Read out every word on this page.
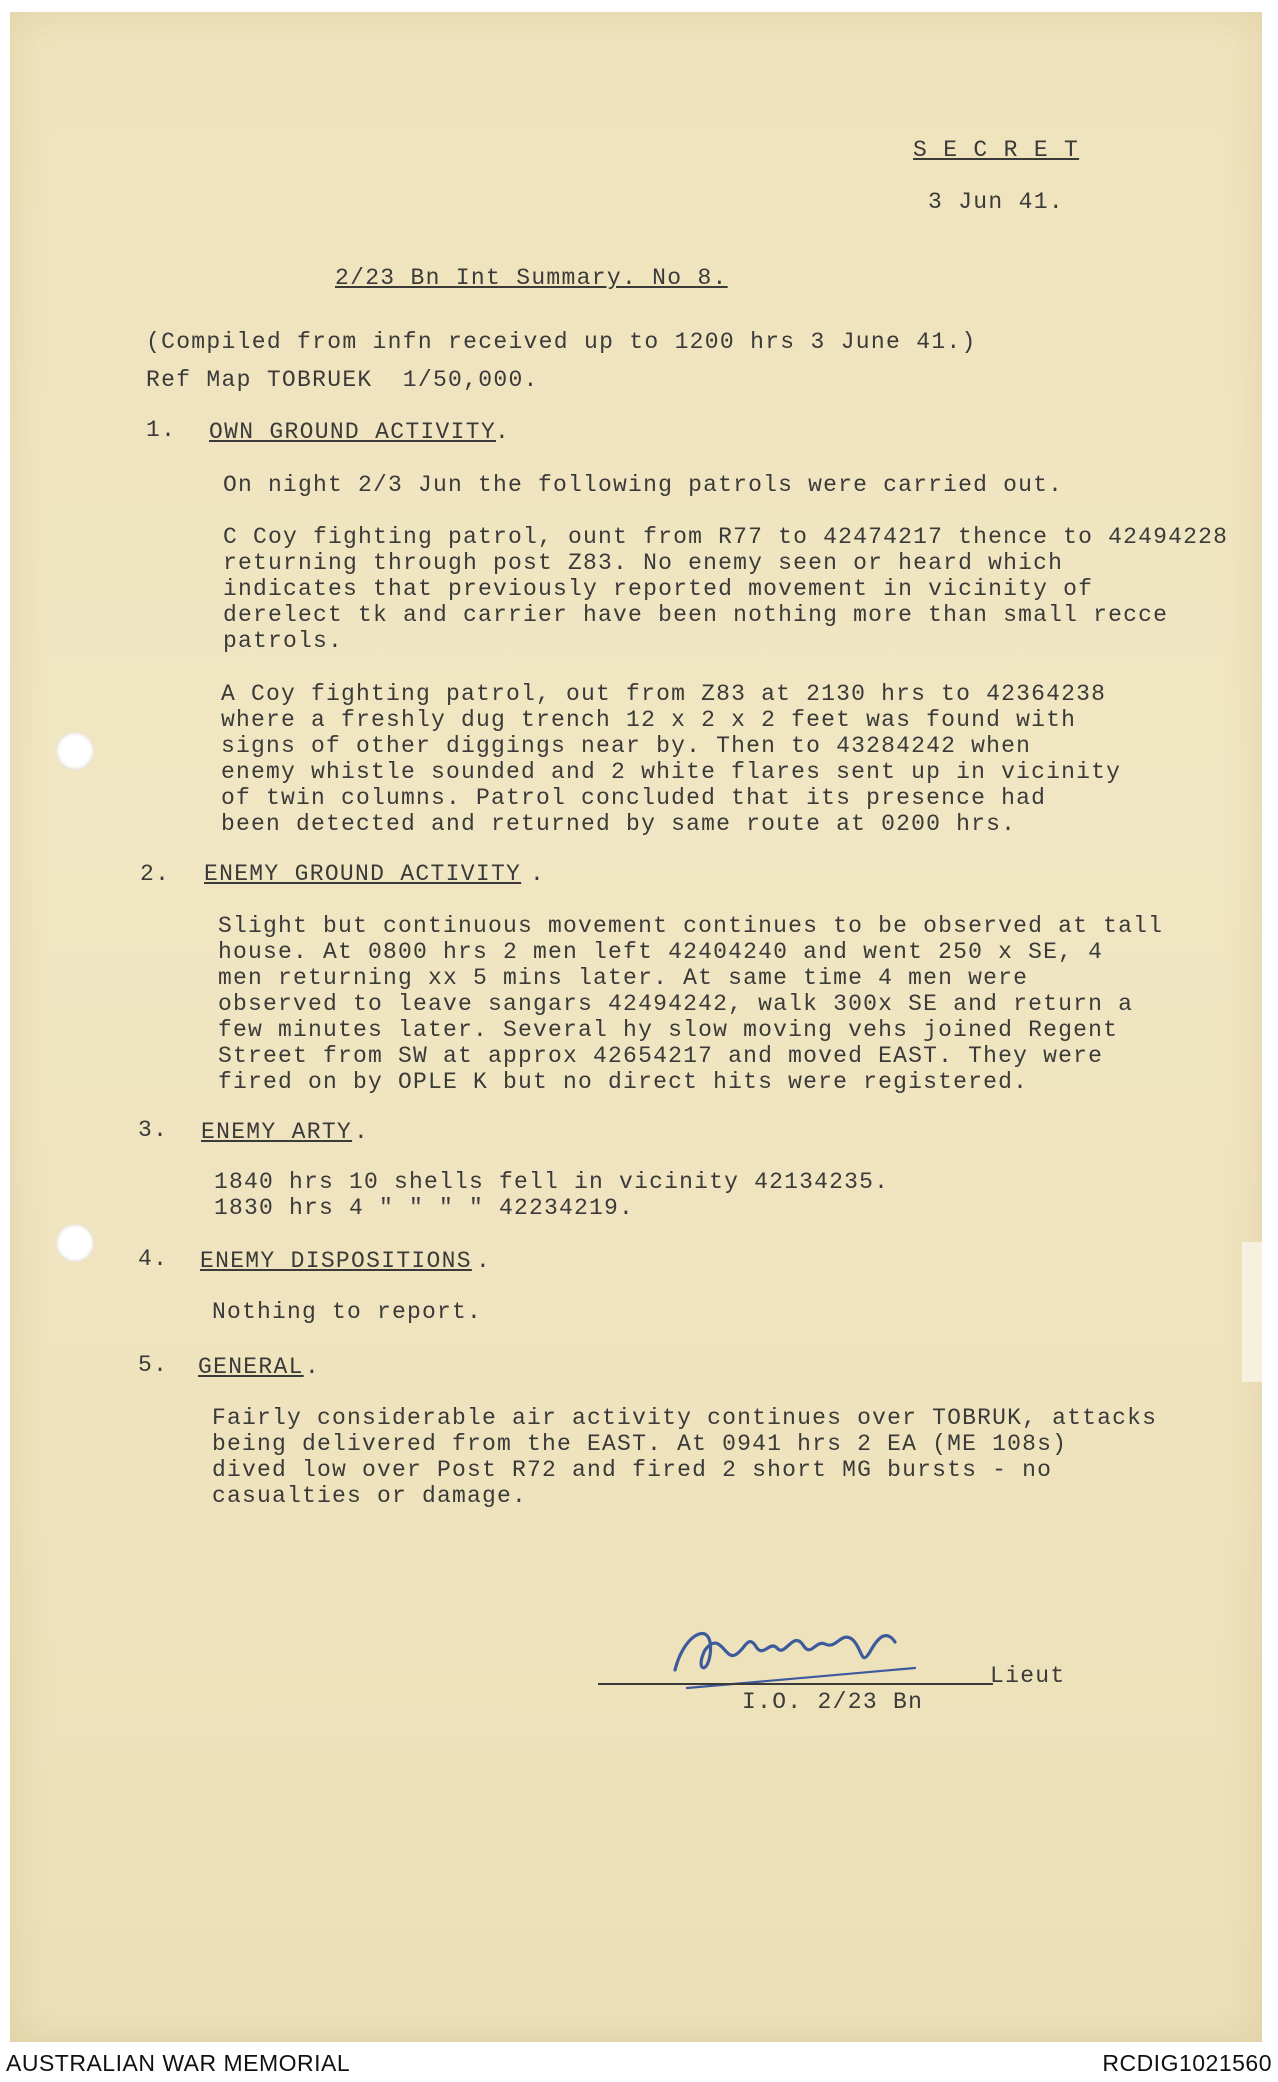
S E C R E T
3 Jun 41.
2/23 Bn Int Summary. No 8.
(Compiled from infn received up to 1200 hrs 3 June 41.)
Ref Map TOBRUEK  1/50,000.
1. OWN GROUND ACTIVITY .
On night 2/3 Jun the following patrols were carried out.
C Coy fighting patrol, ount from R77 to 42474217 thence to 42494228
returning through post Z83. No enemy seen or heard which
indicates that previously reported movement in vicinity of
derelect tk and carrier have been nothing more than small recce
patrols.
A Coy fighting patrol, out from Z83 at 2130 hrs to 42364238
where a freshly dug trench 12 x 2 x 2 feet was found with
signs of other diggings near by. Then to 43284242 when
enemy whistle sounded and 2 white flares sent up in vicinity
of twin columns. Patrol concluded that its presence had
been detected and returned by same route at 0200 hrs.
2. ENEMY GROUND ACTIVITY .
Slight but continuous movement continues to be observed at tall
house. At 0800 hrs 2 men left 42404240 and went 250 x SE, 4
men returning xx 5 mins later. At same time 4 men were
observed to leave sangars 42494242, walk 300x SE and return a
few minutes later. Several hy slow moving vehs joined Regent
Street from SW at approx 42654217 and moved EAST. They were
fired on by OPLE K but no direct hits were registered.
3. ENEMY ARTY .
1840 hrs 10 shells fell in vicinity 42134235.
1830 hrs 4 " " " " 42234219.
4. ENEMY DISPOSITIONS .
Nothing to report.
5. GENERAL .
Fairly considerable air activity continues over TOBRUK, attacks
being delivered from the EAST. At 0941 hrs 2 EA (ME 108s)
dived low over Post R72 and fired 2 short MG bursts - no
casualties or damage.
Lieut
I.O. 2/23 Bn
AUSTRALIAN WAR MEMORIAL	RCDIG1021560
